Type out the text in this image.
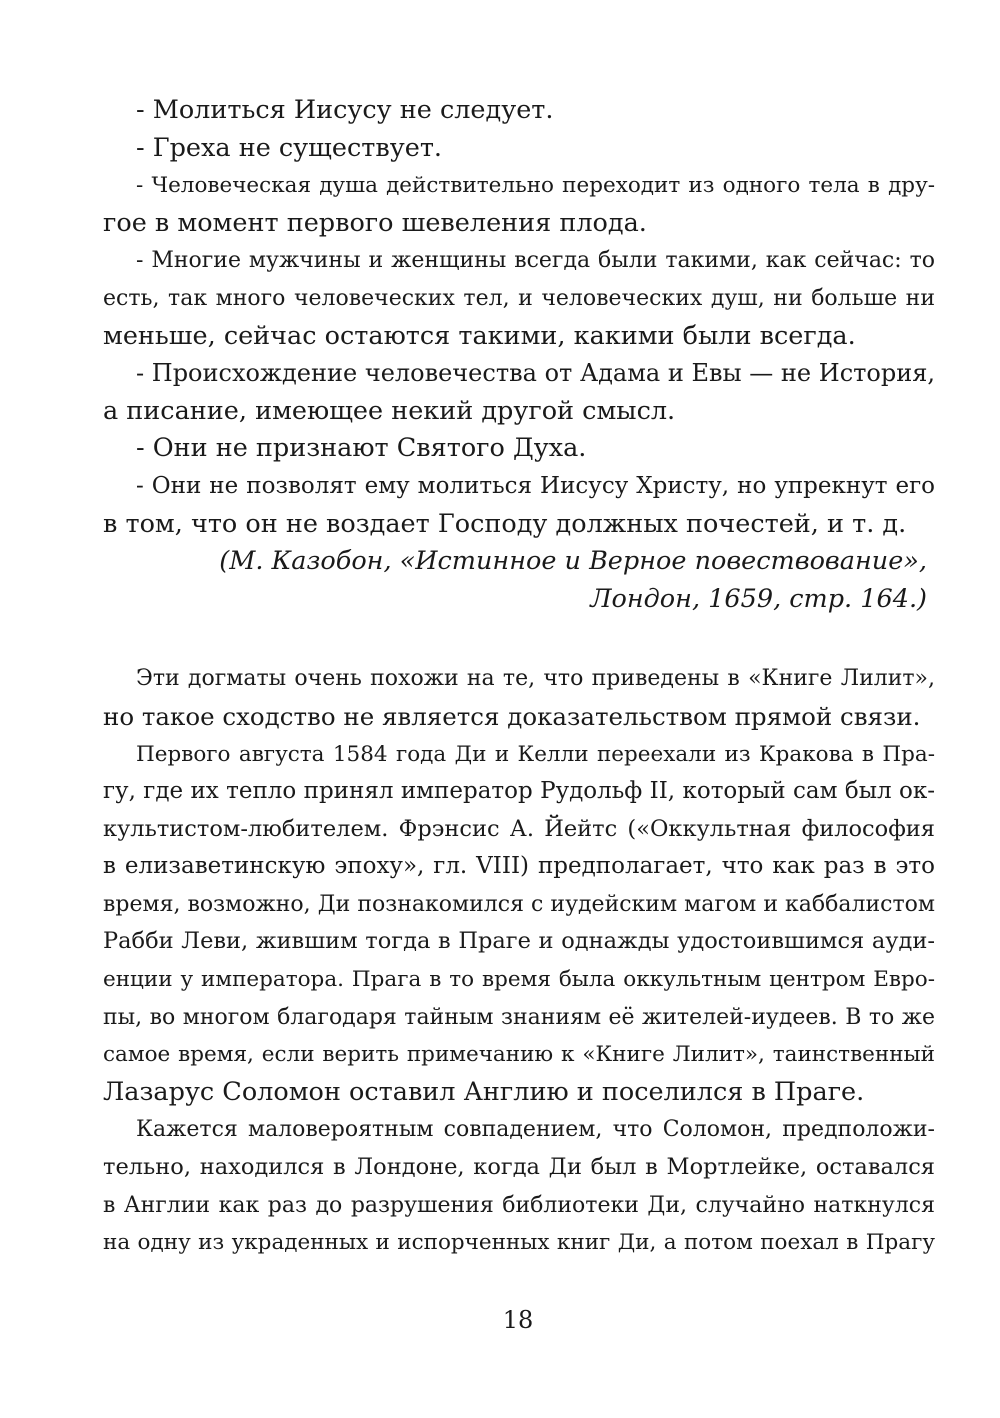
- Молиться Иисусу не следует.

- Греха не существует.

- Человеческая душа действительно переходит из одного тела в дру-

гое в момент первого шевеления плода.

- Многие мужчины и женщины всегда были такими, как сейчас: то

есть, так много человеческих тел, и человеческих душ, ни больше ни

меньше, сейчас остаются такими, какими были всегда.

- Происхождение человечества от Адама и Евы — не История,

а писание, имеющее некий другой смысл.

- Они не признают Святого Духа.

- Они не позволят ему молиться Иисусу Христу, но упрекнут его

в том, что он не воздает Господу должных почестей, и т. д.

(М. Казобон, «Истинное и Верное повествование»,

Лондон, 1659, стр. 164.)

Эти догматы очень похожи на те, что приведены в «Книге Лилит»,

но такое сходство не является доказательством прямой связи.

Первого августа 1584 года Ди и Келли переехали из Кракова в Пра-

гу, где их тепло принял император Рудольф II, который сам был ок-

культистом-любителем. Фрэнсис А. Йейтс («Оккультная философия

в елизаветинскую эпоху», гл. VIII) предполагает, что как раз в это

время, возможно, Ди познакомился с иудейским магом и каббалистом

Рабби Леви, жившим тогда в Праге и однажды удостоившимся ауди-

енции у императора. Прага в то время была оккультным центром Евро-

пы, во многом благодаря тайным знаниям её жителей-иудеев. В то же

самое время, если верить примечанию к «Книге Лилит», таинственный

Лазарус Соломон оставил Англию и поселился в Праге.

Кажется маловероятным совпадением, что Соломон, предположи-

тельно, находился в Лондоне, когда Ди был в Мортлейке, оставался

в Англии как раз до разрушения библиотеки Ди, случайно наткнулся

на одну из украденных и испорченных книг Ди, а потом поехал в Прагу

18
